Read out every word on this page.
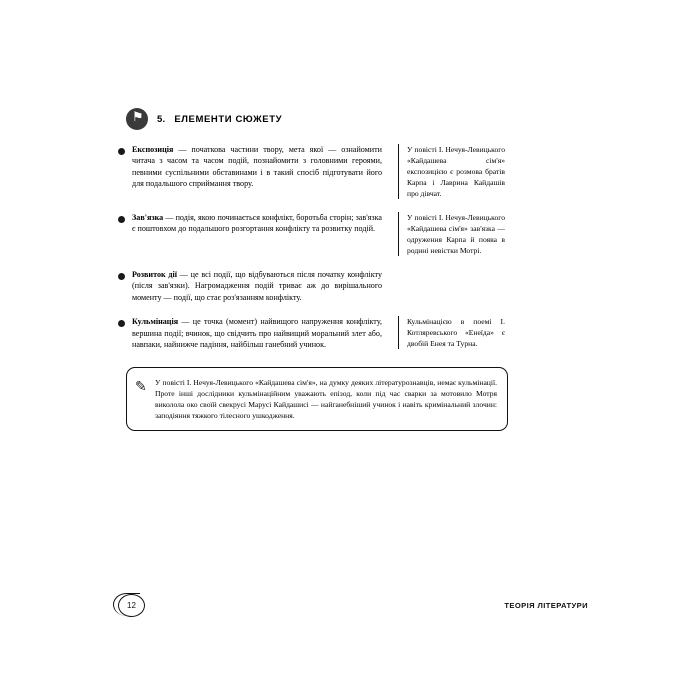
⚑ 5. ЕЛЕМЕНТИ СЮЖЕТУ
Експозиція — початкова частини твору, мета якої — ознайомити читача з часом та часом подій, познайомити з головними героями, певними суспільними обставинами і в такий спосіб підготувати його для подальшого сприймання твору.
У повісті І. Нечуя-Левицького «Кайдашева сім'я» експозицією є розмова братів Карпа і Лаврина Кайдашів про дівчат.
Зав'язка — подія, якою починається конфлікт, боротьба сторін; зав'язка є поштовхом до подальшого розгортання конфлікту та розвитку подій.
У повісті І. Нечуя-Левицького «Кайдашева сім'я» зав'язка — одруження Карпа й поява в родині невістки Мотрі.
Розвиток дії — це всі події, що відбуваються після початку конфлікту (після зав'язки). Нагромадження подій триває аж до вирішального моменту — події, що стає роз'язанням конфлікту.
Кульмінація — це точка (момент) найвищого напруження конфлікту, вершина події; вчинок, що свідчить про найвищий моральний злет або, навпаки, найнижче падіння, найбільш ганебний учинок.
Кульмінацією в поемі І. Котляревського «Енеїда» є двобій Енея та Турна.
✎ У повісті І. Нечуя-Левицького «Кайдашева сім'я», на думку деяких літературознавців, немає кульмінації. Проте інші дослідники кульмінаційним уважають епізод, коли під час сварки за мотовило Мотря виколола око своїй свекрусі Марусі Кайдашисі — найганебніший учинок і навіть кримінальний злочин: заподіяння тяжкого тілесного ушкодження.
12	ТЕОРІЯ ЛІТЕРАТУРИ
